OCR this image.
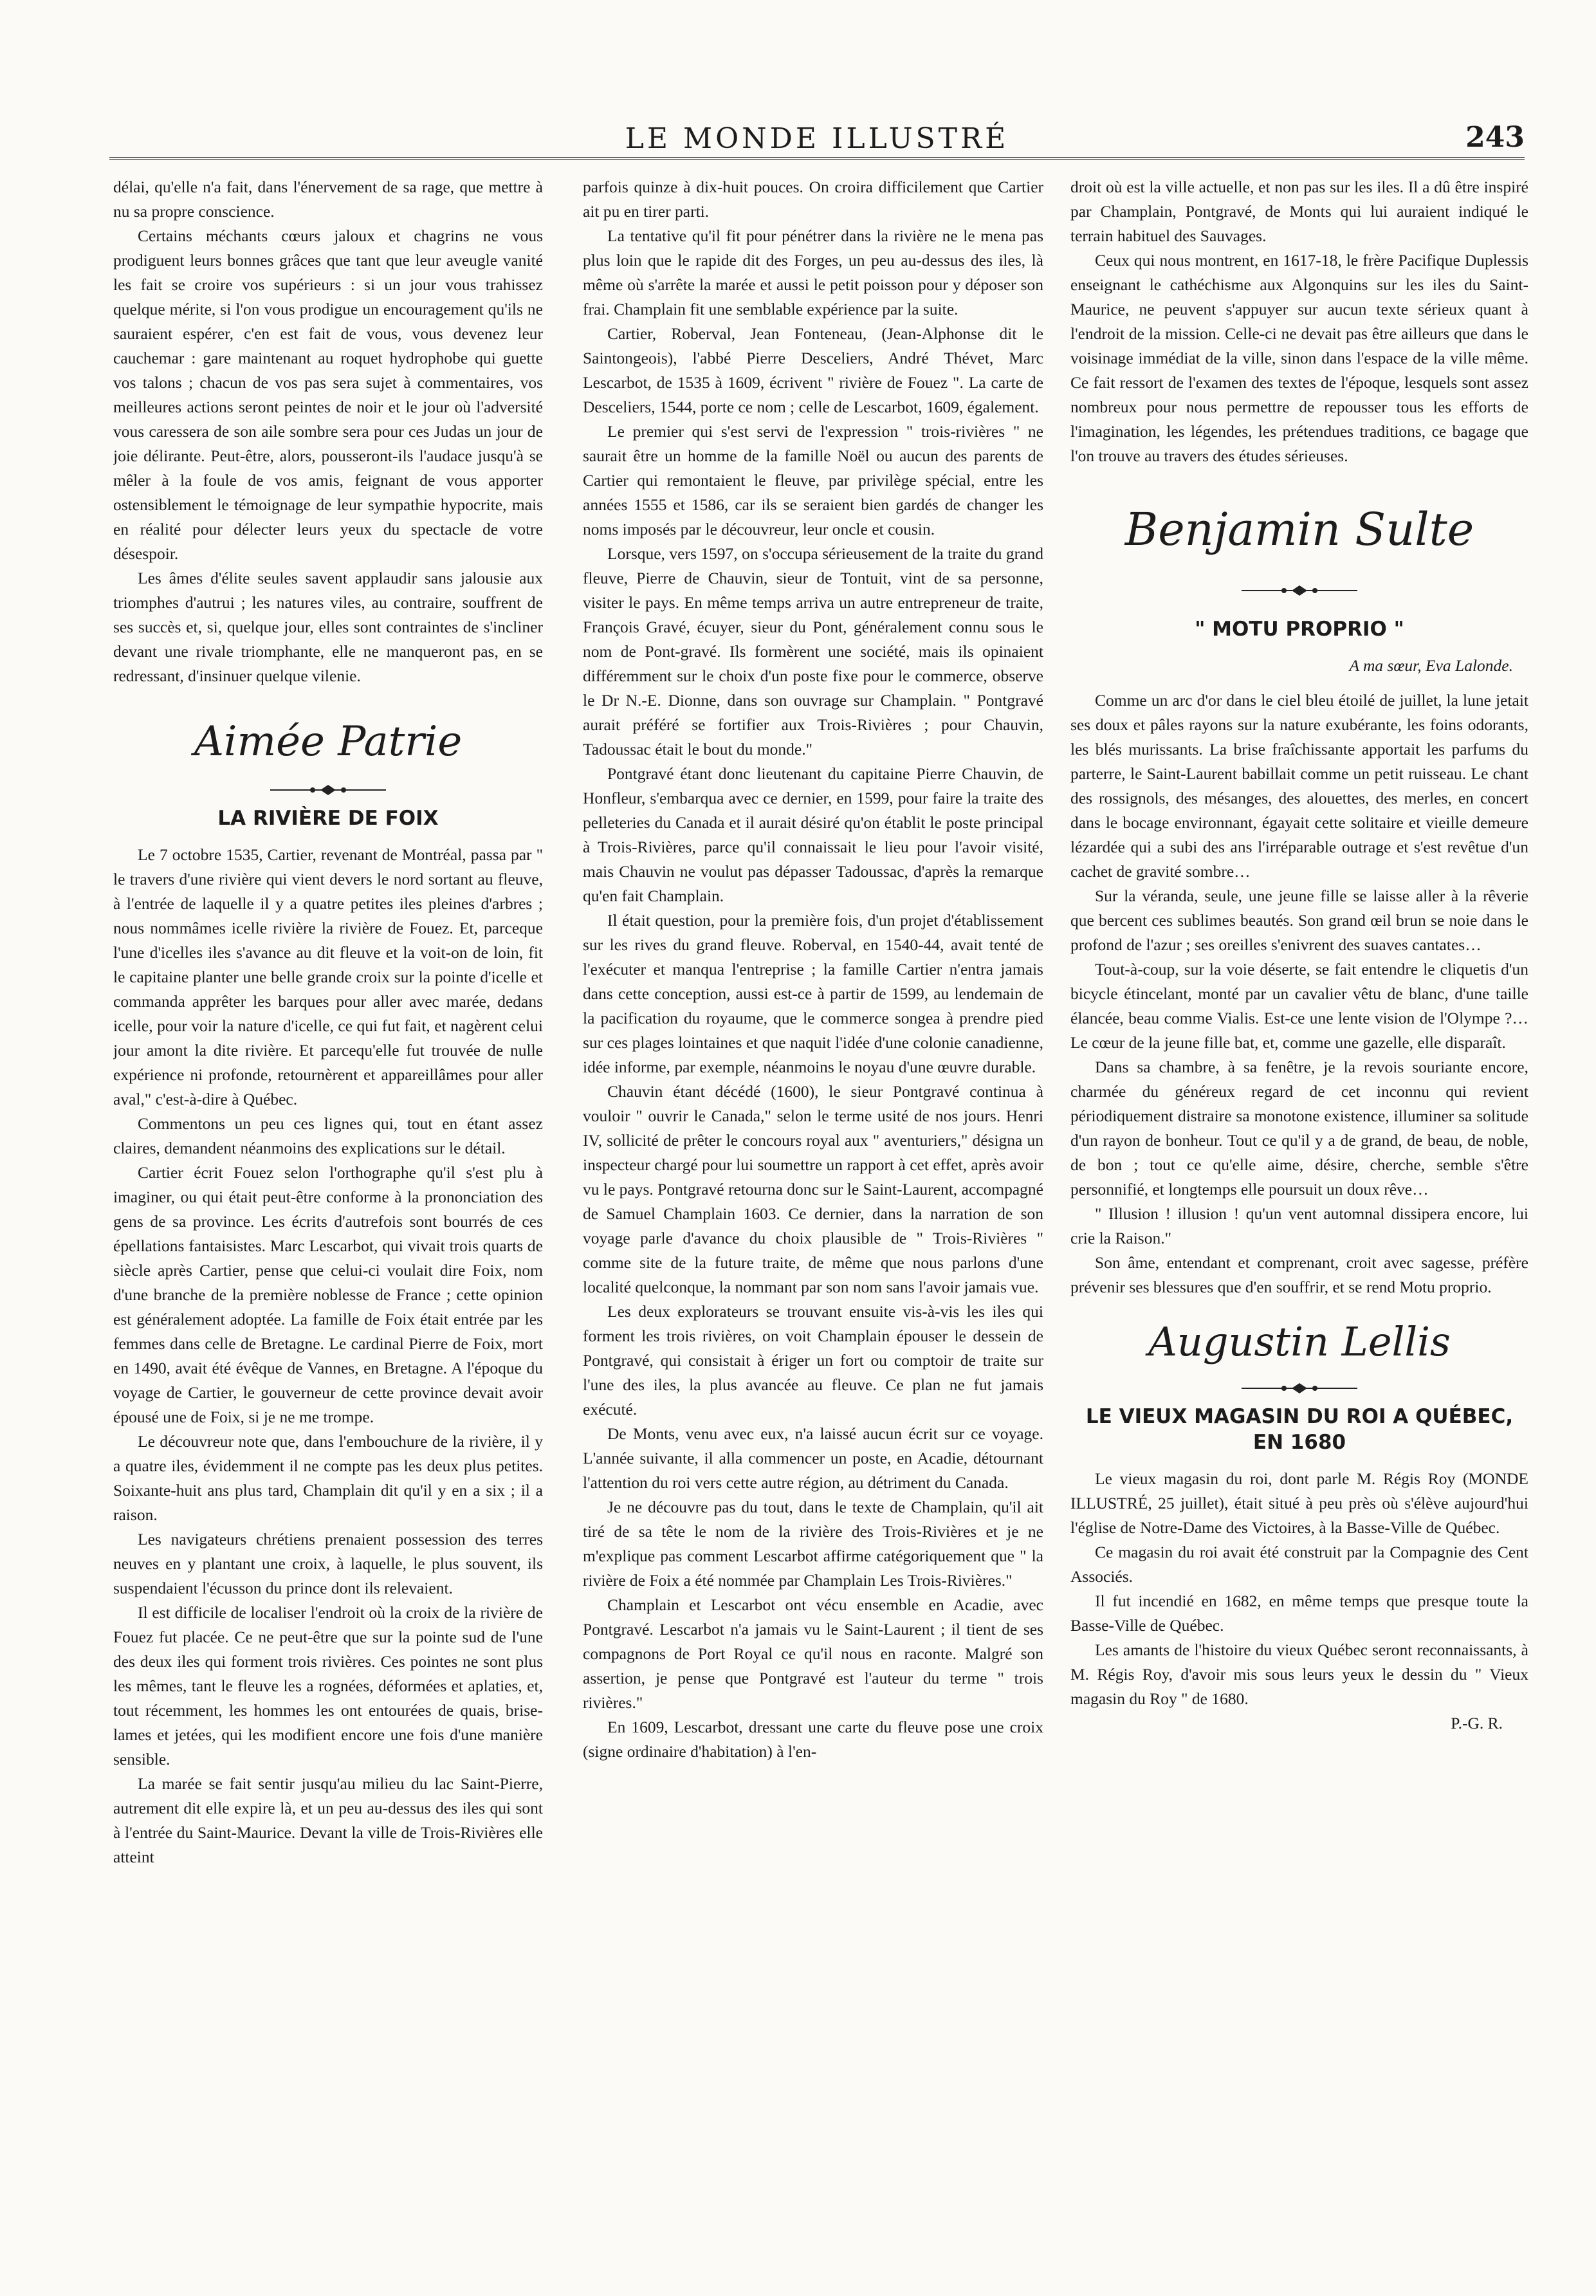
LE MONDE ILLUSTRÉ	243

délai, qu'elle n'a fait, dans l'énervement de sa rage, que mettre à nu sa propre conscience.

Certains méchants cœurs jaloux et chagrins ne vous prodiguent leurs bonnes grâces que tant que leur aveugle vanité les fait se croire vos supérieurs : si un jour vous trahissez quelque mérite, si l'on vous prodigue un encouragement qu'ils ne sauraient espérer, c'en est fait de vous, vous devenez leur cauchemar : gare maintenant au roquet hydrophobe qui guette vos talons ; chacun de vos pas sera sujet à commentaires, vos meilleures actions seront peintes de noir et le jour où l'adversité vous caressera de son aile sombre sera pour ces Judas un jour de joie délirante. Peut-être, alors, pousseront-ils l'audace jusqu'à se mêler à la foule de vos amis, feignant de vous apporter ostensiblement le témoignage de leur sympathie hypocrite, mais en réalité pour délecter leurs yeux du spectacle de votre désespoir.

Les âmes d'élite seules savent applaudir sans jalousie aux triomphes d'autrui ; les natures viles, au contraire, souffrent de ses succès et, si, quelque jour, elles sont contraintes de s'incliner devant une rivale triomphante, elle ne manqueront pas, en se redressant, d'insinuer quelque vilenie.

Aimée Patrie
LA RIVIÈRE DE FOIX

Le 7 octobre 1535, Cartier, revenant de Montréal, passa par " le travers d'une rivière qui vient devers le nord sortant au fleuve, à l'entrée de laquelle il y a quatre petites iles pleines d'arbres ; nous nommâmes icelle rivière la rivière de Fouez. Et, parceque l'une d'icelles iles s'avance au dit fleuve et la voit-on de loin, fit le capitaine planter une belle grande croix sur la pointe d'icelle et commanda apprêter les barques pour aller avec marée, dedans icelle, pour voir la nature d'icelle, ce qui fut fait, et nagèrent celui jour amont la dite rivière. Et parcequ'elle fut trouvée de nulle expérience ni profonde, retournèrent et appareillâmes pour aller aval," c'est-à-dire à Québec.

Commentons un peu ces lignes qui, tout en étant assez claires, demandent néanmoins des explications sur le détail.

Cartier écrit Fouez selon l'orthographe qu'il s'est plu à imaginer, ou qui était peut-être conforme à la prononciation des gens de sa province. Les écrits d'autrefois sont bourrés de ces épellations fantaisistes. Marc Lescarbot, qui vivait trois quarts de siècle après Cartier, pense que celui-ci voulait dire Foix, nom d'une branche de la première noblesse de France ; cette opinion est généralement adoptée. La famille de Foix était entrée par les femmes dans celle de Bretagne. Le cardinal Pierre de Foix, mort en 1490, avait été évêque de Vannes, en Bretagne. A l'époque du voyage de Cartier, le gouverneur de cette province devait avoir épousé une de Foix, si je ne me trompe.

Le découvreur note que, dans l'embouchure de la rivière, il y a quatre iles, évidemment il ne compte pas les deux plus petites. Soixante-huit ans plus tard, Champlain dit qu'il y en a six ; il a raison.

Les navigateurs chrétiens prenaient possession des terres neuves en y plantant une croix, à laquelle, le plus souvent, ils suspendaient l'écusson du prince dont ils relevaient.

Il est difficile de localiser l'endroit où la croix de la rivière de Fouez fut placée. Ce ne peut-être que sur la pointe sud de l'une des deux iles qui forment trois rivières. Ces pointes ne sont plus les mêmes, tant le fleuve les a rognées, déformées et aplaties, et, tout récemment, les hommes les ont entourées de quais, brise-lames et jetées, qui les modifient encore une fois d'une manière sensible.

La marée se fait sentir jusqu'au milieu du lac Saint-Pierre, autrement dit elle expire là, et un peu au-dessus des iles qui sont à l'entrée du Saint-Maurice. Devant la ville de Trois-Rivières elle atteint

parfois quinze à dix-huit pouces. On croira difficilement que Cartier ait pu en tirer parti.

La tentative qu'il fit pour pénétrer dans la rivière ne le mena pas plus loin que le rapide dit des Forges, un peu au-dessus des iles, là même où s'arrête la marée et aussi le petit poisson pour y déposer son frai. Champlain fit une semblable expérience par la suite.

Cartier, Roberval, Jean Fonteneau, (Jean-Alphonse dit le Saintongeois), l'abbé Pierre Desceliers, André Thévet, Marc Lescarbot, de 1535 à 1609, écrivent " rivière de Fouez ". La carte de Desceliers, 1544, porte ce nom ; celle de Lescarbot, 1609, également.

Le premier qui s'est servi de l'expression " trois-rivières " ne saurait être un homme de la famille Noël ou aucun des parents de Cartier qui remontaient le fleuve, par privilège spécial, entre les années 1555 et 1586, car ils se seraient bien gardés de changer les noms imposés par le découvreur, leur oncle et cousin.

Lorsque, vers 1597, on s'occupa sérieusement de la traite du grand fleuve, Pierre de Chauvin, sieur de Tontuit, vint de sa personne, visiter le pays. En même temps arriva un autre entrepreneur de traite, François Gravé, écuyer, sieur du Pont, généralement connu sous le nom de Pont-gravé. Ils formèrent une société, mais ils opinaient différemment sur le choix d'un poste fixe pour le commerce, observe le Dr N.-E. Dionne, dans son ouvrage sur Champlain. " Pontgravé aurait préféré se fortifier aux Trois-Rivières ; pour Chauvin, Tadoussac était le bout du monde."

Pontgravé étant donc lieutenant du capitaine Pierre Chauvin, de Honfleur, s'embarqua avec ce dernier, en 1599, pour faire la traite des pelleteries du Canada et il aurait désiré qu'on établit le poste principal à Trois-Rivières, parce qu'il connaissait le lieu pour l'avoir visité, mais Chauvin ne voulut pas dépasser Tadoussac, d'après la remarque qu'en fait Champlain.

Il était question, pour la première fois, d'un projet d'établissement sur les rives du grand fleuve. Roberval, en 1540-44, avait tenté de l'exécuter et manqua l'entreprise ; la famille Cartier n'entra jamais dans cette conception, aussi est-ce à partir de 1599, au lendemain de la pacification du royaume, que le commerce songea à prendre pied sur ces plages lointaines et que naquit l'idée d'une colonie canadienne, idée informe, par exemple, néanmoins le noyau d'une œuvre durable.

Chauvin étant décédé (1600), le sieur Pontgravé continua à vouloir " ouvrir le Canada," selon le terme usité de nos jours. Henri IV, sollicité de prêter le concours royal aux " aventuriers," désigna un inspecteur chargé pour lui soumettre un rapport à cet effet, après avoir vu le pays. Pontgravé retourna donc sur le Saint-Laurent, accompagné de Samuel Champlain 1603. Ce dernier, dans la narration de son voyage parle d'avance du choix plausible de " Trois-Rivières " comme site de la future traite, de même que nous parlons d'une localité quelconque, la nommant par son nom sans l'avoir jamais vue.

Les deux explorateurs se trouvant ensuite vis-à-vis les iles qui forment les trois rivières, on voit Champlain épouser le dessein de Pontgravé, qui consistait à ériger un fort ou comptoir de traite sur l'une des iles, la plus avancée au fleuve. Ce plan ne fut jamais exécuté.

De Monts, venu avec eux, n'a laissé aucun écrit sur ce voyage. L'année suivante, il alla commencer un poste, en Acadie, détournant l'attention du roi vers cette autre région, au détriment du Canada.

Je ne découvre pas du tout, dans le texte de Champlain, qu'il ait tiré de sa tête le nom de la rivière des Trois-Rivières et je ne m'explique pas comment Lescarbot affirme catégoriquement que " la rivière de Foix a été nommée par Champlain Les Trois-Rivières."

Champlain et Lescarbot ont vécu ensemble en Acadie, avec Pontgravé. Lescarbot n'a jamais vu le Saint-Laurent ; il tient de ses compagnons de Port Royal ce qu'il nous en raconte. Malgré son assertion, je pense que Pontgravé est l'auteur du terme " trois rivières."

En 1609, Lescarbot, dressant une carte du fleuve pose une croix (signe ordinaire d'habitation) à l'en-

droit où est la ville actuelle, et non pas sur les iles. Il a dû être inspiré par Champlain, Pontgravé, de Monts qui lui auraient indiqué le terrain habituel des Sauvages.

Ceux qui nous montrent, en 1617-18, le frère Pacifique Duplessis enseignant le cathéchisme aux Algonquins sur les iles du Saint-Maurice, ne peuvent s'appuyer sur aucun texte sérieux quant à l'endroit de la mission. Celle-ci ne devait pas être ailleurs que dans le voisinage immédiat de la ville, sinon dans l'espace de la ville même. Ce fait ressort de l'examen des textes de l'époque, lesquels sont assez nombreux pour nous permettre de repousser tous les efforts de l'imagination, les légendes, les prétendues traditions, ce bagage que l'on trouve au travers des études sérieuses.

Benjamin Sulte
" MOTU PROPRIO "
A ma sœur, Eva Lalonde.

Comme un arc d'or dans le ciel bleu étoilé de juillet, la lune jetait ses doux et pâles rayons sur la nature exubérante, les foins odorants, les blés murissants. La brise fraîchissante apportait les parfums du parterre, le Saint-Laurent babillait comme un petit ruisseau. Le chant des rossignols, des mésanges, des alouettes, des merles, en concert dans le bocage environnant, égayait cette solitaire et vieille demeure lézardée qui a subi des ans l'irréparable outrage et s'est revêtue d'un cachet de gravité sombre…

Sur la véranda, seule, une jeune fille se laisse aller à la rêverie que bercent ces sublimes beautés. Son grand œil brun se noie dans le profond de l'azur ; ses oreilles s'enivrent des suaves cantates…

Tout-à-coup, sur la voie déserte, se fait entendre le cliquetis d'un bicycle étincelant, monté par un cavalier vêtu de blanc, d'une taille élancée, beau comme Vialis. Est-ce une lente vision de l'Olympe ?… Le cœur de la jeune fille bat, et, comme une gazelle, elle disparaît.

Dans sa chambre, à sa fenêtre, je la revois souriante encore, charmée du généreux regard de cet inconnu qui revient périodiquement distraire sa monotone existence, illuminer sa solitude d'un rayon de bonheur. Tout ce qu'il y a de grand, de beau, de noble, de bon ; tout ce qu'elle aime, désire, cherche, semble s'être personnifié, et longtemps elle poursuit un doux rêve…

" Illusion ! illusion ! qu'un vent automnal dissipera encore, lui crie la Raison."

Son âme, entendant et comprenant, croit avec sagesse, préfère prévenir ses blessures que d'en souffrir, et se rend Motu proprio.

Augustin Lellis
LE VIEUX MAGASIN DU ROI A QUÉBEC, EN 1680

Le vieux magasin du roi, dont parle M. Régis Roy (MONDE ILLUSTRÉ, 25 juillet), était situé à peu près où s'élève aujourd'hui l'église de Notre-Dame des Victoires, à la Basse-Ville de Québec.

Ce magasin du roi avait été construit par la Compagnie des Cent Associés.

Il fut incendié en 1682, en même temps que presque toute la Basse-Ville de Québec.

Les amants de l'histoire du vieux Québec seront reconnaissants, à M. Régis Roy, d'avoir mis sous leurs yeux le dessin du " Vieux magasin du Roy " de 1680.

P.-G. R.
